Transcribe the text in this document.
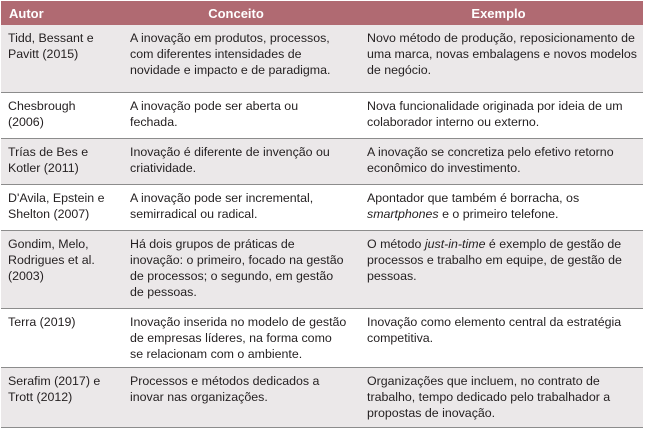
Autor	Conceito	Exemplo
Tidd, Bessant e Pavitt (2015)	A inovação em produtos, processos, com diferentes intensidades de novidade e impacto e de paradigma.	Novo método de produção, reposicionamento de uma marca, novas embalagens e novos modelos de negócio.
Chesbrough (2006)	A inovação pode ser aberta ou fechada.	Nova funcionalidade originada por ideia de um colaborador interno ou externo.
Trías de Bes e Kotler (2011)	Inovação é diferente de invenção ou criatividade.	A inovação se concretiza pelo efetivo retorno econômico do investimento.
D'Avila, Epstein e Shelton (2007)	A inovação pode ser incremental, semirradical ou radical.	Apontador que também é borracha, os smartphones e o primeiro telefone.
Gondim, Melo, Rodrigues et al. (2003)	Há dois grupos de práticas de inovação: o primeiro, focado na gestão de processos; o segundo, em gestão de pessoas.	O método just-in-time é exemplo de gestão de processos e trabalho em equipe, de gestão de pessoas.
Terra (2019)	Inovação inserida no modelo de gestão de empresas líderes, na forma como se relacionam com o ambiente.	Inovação como elemento central da estratégia competitiva.
Serafim (2017) e Trott (2012)	Processos e métodos dedicados a inovar nas organizações.	Organizações que incluem, no contrato de trabalho, tempo dedicado pelo trabalhador a propostas de inovação.
